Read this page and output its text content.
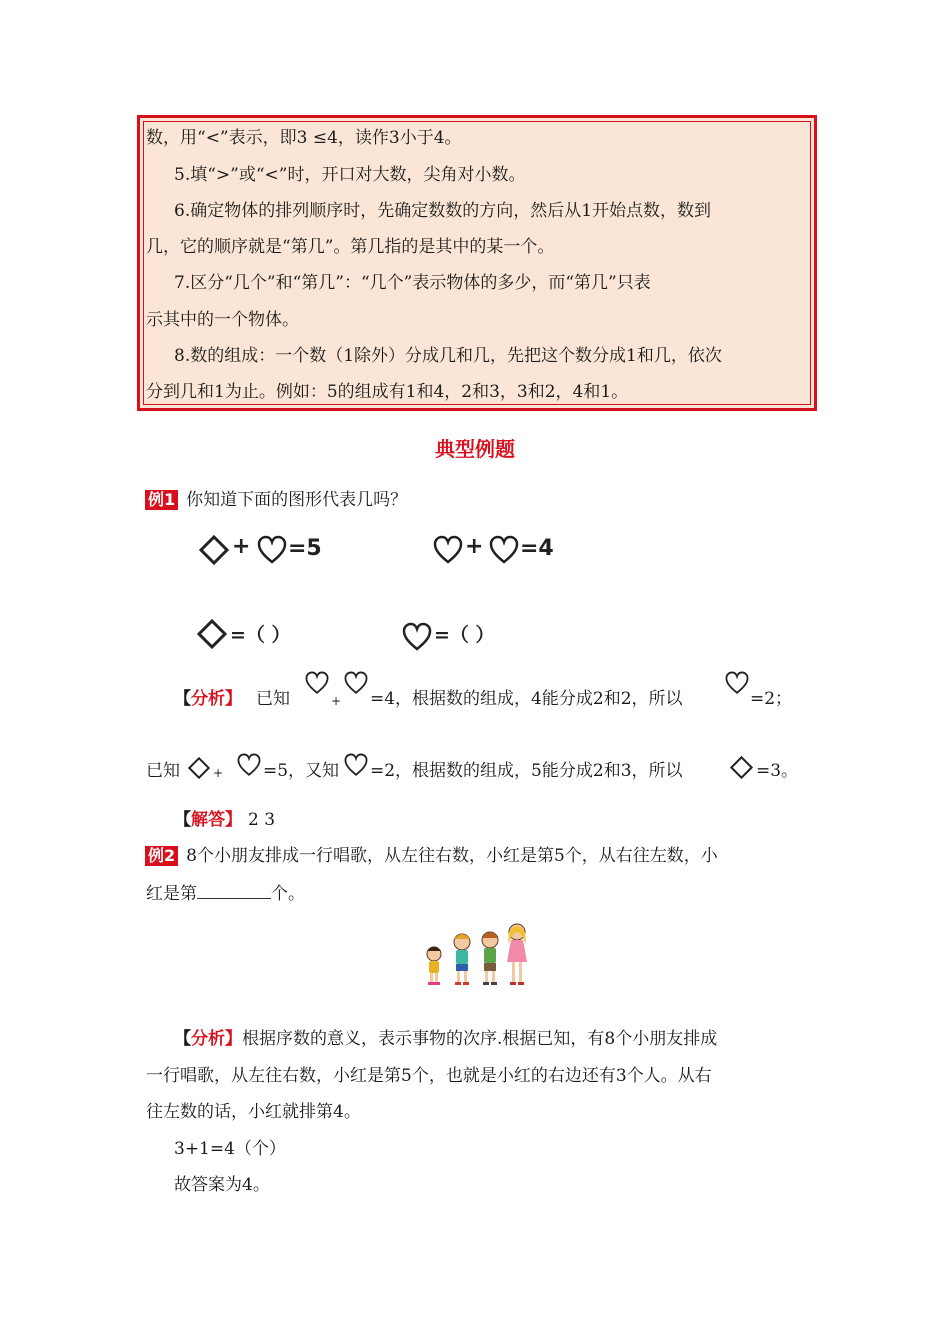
数，用“<”表示，即3 ≤4，读作3小于4。
5.填“>”或“<”时，开口对大数，尖角对小数。
6.确定物体的排列顺序时，先确定数数的方向，然后从1开始点数，数到
几，它的顺序就是“第几”。第几指的是其中的某一个。
7.区分“几个”和“第几”：“几个”表示物体的多少，而“第几”只表
示其中的一个物体。
8.数的组成：一个数（1除外）分成几和几，先把这个数分成1和几，依次
分到几和1为止。例如：5的组成有1和4，2和3，3和2，4和1。
典型例题
例1 你知道下面的图形代表几吗？
+ =5	+ =4
=（ ）	=（ ）
【分析】 已知	+ =4，根据数的组成，4能分成2和2，所以	=2；
已知	+ =5，又知 =2，根据数的组成，5能分成2和3，所以	=3。
【解答】 2 3
例2 8个小朋友排成一行唱歌，从左往右数，小红是第5个，从右往左数，小
红是第	个。
【分析】根据序数的意义，表示事物的次序.根据已知，有8个小朋友排成
一行唱歌，从左往右数，小红是第5个，也就是小红的右边还有3个人。从右
往左数的话，小红就排第4。
3+1=4（个）
故答案为4。
